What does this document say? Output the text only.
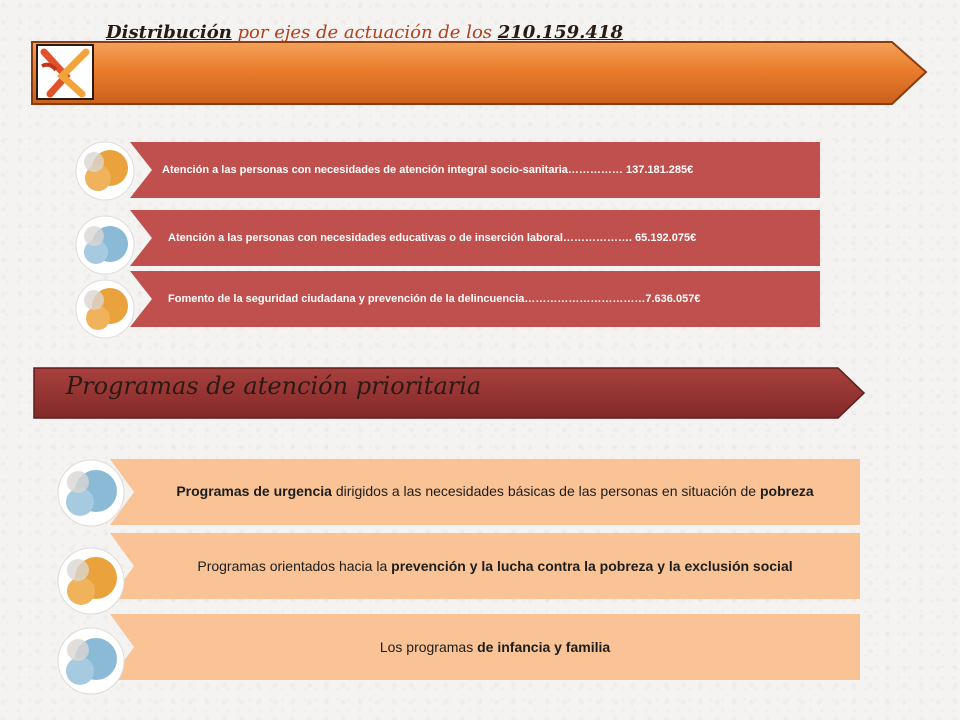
Distribución por ejes de actuación de los 210.159.418
Atención a las personas con necesidades de atención integral socio-sanitaria…………… 137.181.285€
Atención a las personas con necesidades educativas o de inserción laboral………………. 65.192.075€
Fomento de la seguridad ciudadana y prevención de la delincuencia……………………………7.636.057€
Programas de atención prioritaria
Programas de urgencia dirigidos a las necesidades básicas de las personas en situación de pobreza
Programas orientados hacia la prevención y la lucha contra la pobreza y la exclusión social
Los programas de infancia y familia
